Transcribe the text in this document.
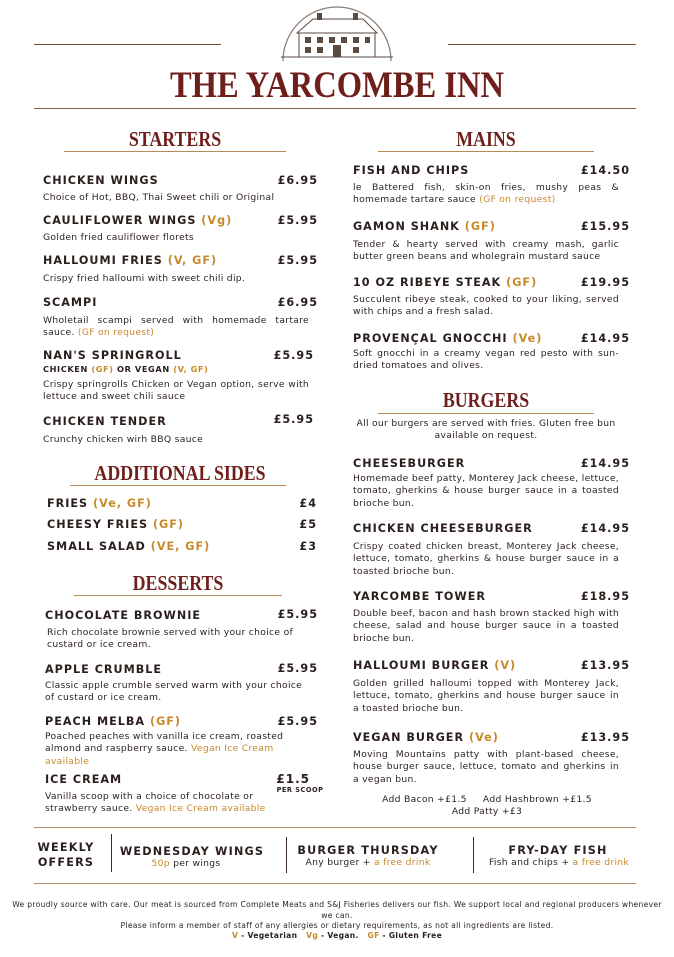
THE YARCOMBE INN
STARTERS
CHICKEN WINGS	£6.95
Choice of Hot, BBQ, Thai Sweet chili or Original
CAULIFLOWER WINGS (Vg)	£5.95
Golden fried cauliflower florets
HALLOUMI FRIES (V, GF)	£5.95
Crispy fried halloumi with sweet chili dip.
SCAMPI	£6.95
Wholetail scampi served with homemade tartare sauce. (GF on request)
NAN'S SPRINGROLL	£5.95
CHICKEN (GF) OR VEGAN (V, GF)
Crispy springrolls Chicken or Vegan option, serve with lettuce and sweet chili sauce
CHICKEN TENDER	£5.95
Crunchy chicken wirh BBQ sauce
ADDITIONAL SIDES
FRIES (Ve, GF)	£4
CHEESY FRIES (GF)	£5
SMALL SALAD (VE, GF)	£3
DESSERTS
CHOCOLATE BROWNIE	£5.95
Rich chocolate brownie served with your choice of custard or ice cream.
APPLE CRUMBLE	£5.95
Classic apple crumble served warm with your choice of custard or ice cream.
PEACH MELBA (GF)	£5.95
Poached peaches with vanilla ice cream, roasted almond and raspberry sauce. Vegan Ice Cream available
ICE CREAM	£1.5
PER SCOOP
Vanilla scoop with a choice of chocolate or strawberry sauce. Vegan Ice Cream available
MAINS
FISH AND CHIPS	£14.50
le Battered fish, skin-on fries, mushy peas & homemade tartare sauce (GF on request)
GAMON SHANK (GF)	£15.95
Tender & hearty served with creamy mash, garlic butter green beans and wholegrain mustard sauce
10 OZ RIBEYE STEAK (GF)	£19.95
Succulent ribeye steak, cooked to your liking, served with chips and a fresh salad.
PROVENÇAL GNOCCHI (Ve)	£14.95
Soft gnocchi in a creamy vegan red pesto with sun-dried tomatoes and olives.
BURGERS
All our burgers are served with fries. Gluten free bun available on request.
CHEESEBURGER	£14.95
Homemade beef patty, Monterey Jack cheese, lettuce, tomato, gherkins & house burger sauce in a toasted brioche bun.
CHICKEN CHEESEBURGER	£14.95
Crispy coated chicken breast, Monterey Jack cheese, lettuce, tomato, gherkins & house burger sauce in a toasted brioche bun.
YARCOMBE TOWER	£18.95
Double beef, bacon and hash brown stacked high with cheese, salad and house burger sauce in a toasted brioche bun.
HALLOUMI BURGER (V)	£13.95
Golden grilled halloumi topped with Monterey Jack, lettuce, tomato, gherkins and house burger sauce in a toasted brioche bun.
VEGAN BURGER (Ve)	£13.95
Moving Mountains patty with plant-based cheese, house burger sauce, lettuce, tomato and gherkins in a vegan bun.
Add Bacon +£1.5     Add Hashbrown +£1.5
Add Patty +£3
WEEKLY
OFFERS
WEDNESDAY WINGS
50p per wings
BURGER THURSDAY
Any burger + a free drink
FRY-DAY FISH
Fish and chips + a free drink
We proudly source with care. Our meat is sourced from Complete Meats and S&J Fisheries delivers our fish. We support local and regional producers whenever we can.
Please inform a member of staff of any allergies or dietary requirements, as not all ingredients are listed.
V - Vegetarian Vg - Vegan. GF - Gluten Free
